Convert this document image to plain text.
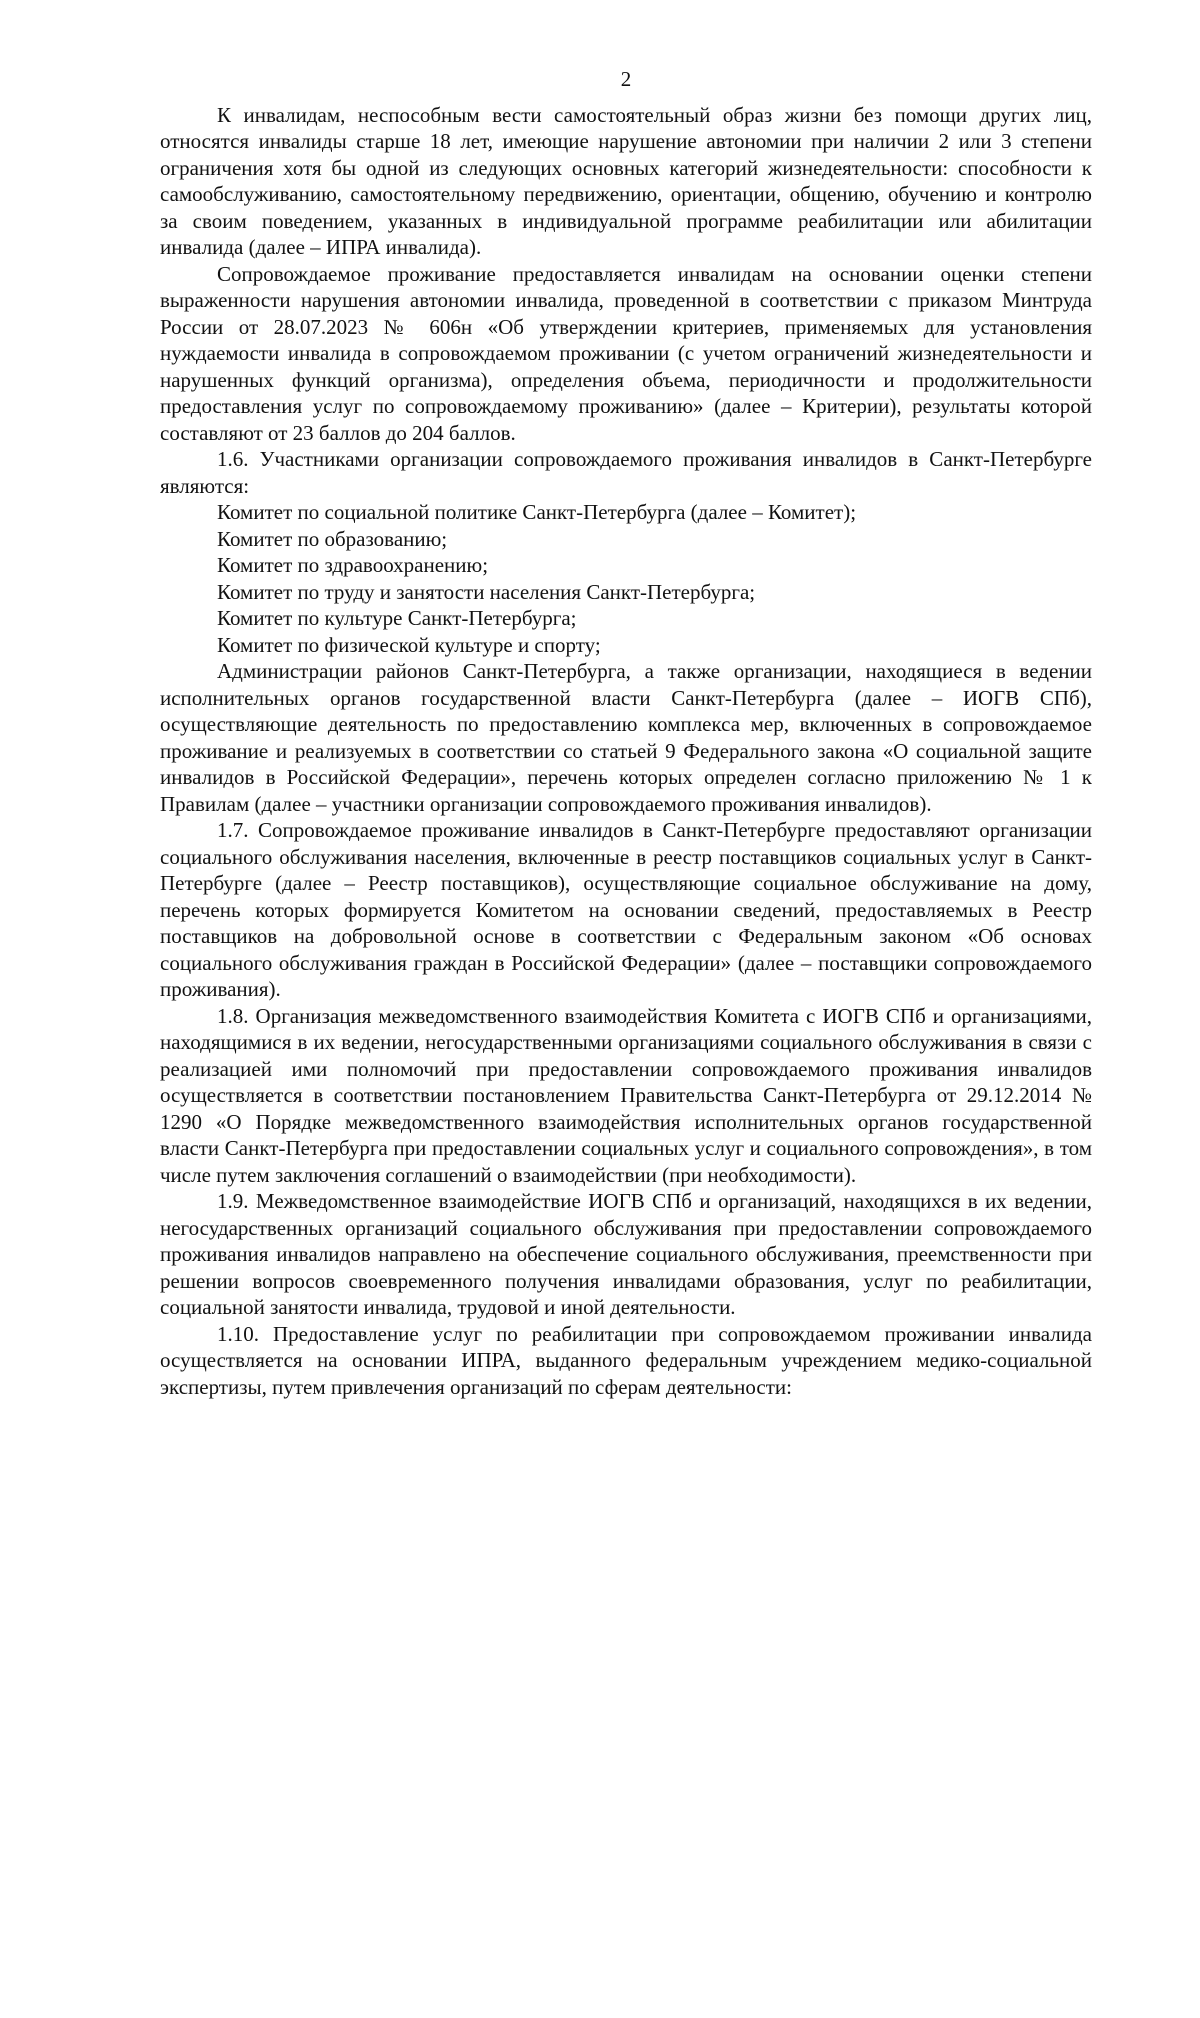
2

К инвалидам, неспособным вести самостоятельный образ жизни без помощи других лиц, относятся инвалиды старше 18 лет, имеющие нарушение автономии при наличии 2 или 3 степени ограничения хотя бы одной из следующих основных категорий жизнедеятельности: способности к самообслуживанию, самостоятельному передвижению, ориентации, общению, обучению и контролю за своим поведением, указанных в индивидуальной программе реабилитации или абилитации инвалида (далее – ИПРА инвалида).

Сопровождаемое проживание предоставляется инвалидам на основании оценки степени выраженности нарушения автономии инвалида, проведенной в соответствии с приказом Минтруда России от 28.07.2023 № 606н «Об утверждении критериев, применяемых для установления нуждаемости инвалида в сопровождаемом проживании (с учетом ограничений жизнедеятельности и нарушенных функций организма), определения объема, периодичности и продолжительности предоставления услуг по сопровождаемому проживанию» (далее – Критерии), результаты которой составляют от 23 баллов до 204 баллов.

1.6. Участниками организации сопровождаемого проживания инвалидов в Санкт-Петербурге являются:

Комитет по социальной политике Санкт-Петербурга (далее – Комитет);

Комитет по образованию;

Комитет по здравоохранению;

Комитет по труду и занятости населения Санкт-Петербурга;

Комитет по культуре Санкт-Петербурга;

Комитет по физической культуре и спорту;

Администрации районов Санкт-Петербурга, а также организации, находящиеся в ведении исполнительных органов государственной власти Санкт-Петербурга (далее – ИОГВ СПб), осуществляющие деятельность по предоставлению комплекса мер, включенных в сопровождаемое проживание и реализуемых в соответствии со статьей 9 Федерального закона «О социальной защите инвалидов в Российской Федерации», перечень которых определен согласно приложению № 1 к Правилам (далее – участники организации сопровождаемого проживания инвалидов).

1.7. Сопровождаемое проживание инвалидов в Санкт-Петербурге предоставляют организации социального обслуживания населения, включенные в реестр поставщиков социальных услуг в Санкт-Петербурге (далее – Реестр поставщиков), осуществляющие социальное обслуживание на дому, перечень которых формируется Комитетом на основании сведений, предоставляемых в Реестр поставщиков на добровольной основе в соответствии с Федеральным законом «Об основах социального обслуживания граждан в Российской Федерации» (далее – поставщики сопровождаемого проживания).

1.8. Организация межведомственного взаимодействия Комитета с ИОГВ СПб и организациями, находящимися в их ведении, негосударственными организациями социального обслуживания в связи с реализацией ими полномочий при предоставлении сопровождаемого проживания инвалидов осуществляется в соответствии постановлением Правительства Санкт-Петербурга от 29.12.2014 № 1290 «О Порядке межведомственного взаимодействия исполнительных органов государственной власти Санкт-Петербурга при предоставлении социальных услуг и социального сопровождения», в том числе путем заключения соглашений о взаимодействии (при необходимости).

1.9. Межведомственное взаимодействие ИОГВ СПб и организаций, находящихся в их ведении, негосударственных организаций социального обслуживания при предоставлении сопровождаемого проживания инвалидов направлено на обеспечение социального обслуживания, преемственности при решении вопросов своевременного получения инвалидами образования, услуг по реабилитации, социальной занятости инвалида, трудовой и иной деятельности.

1.10. Предоставление услуг по реабилитации при сопровождаемом проживании инвалида осуществляется на основании ИПРА, выданного федеральным учреждением медико-социальной экспертизы, путем привлечения организаций по сферам деятельности:
